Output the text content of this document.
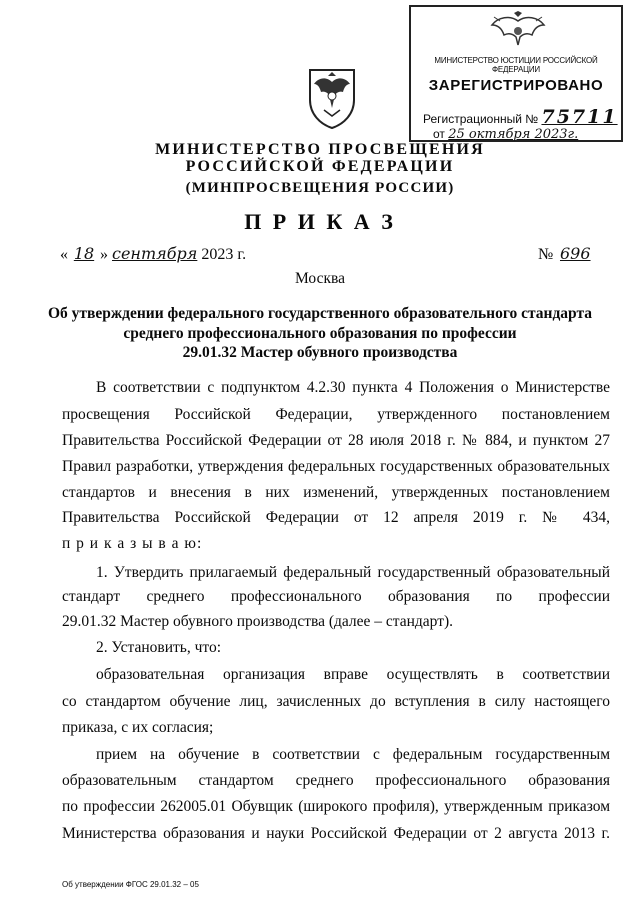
МИНИСТЕРСТВО ЮСТИЦИИ РОССИЙСКОЙ ФЕДЕРАЦИИ
ЗАРЕГИСТРИРОВАНО
Регистрационный № 75711
от 25 октября 2023г.
МИНИСТЕРСТВО ПРОСВЕЩЕНИЯ
РОССИЙСКОЙ ФЕДЕРАЦИИ
(МИНПРОСВЕЩЕНИЯ РОССИИ)
П Р И К А З
« 18 » сентября 2023 г.	№ 696
Москва
Об утверждении федерального государственного образовательного стандарта
среднего профессионального образования по профессии
29.01.32 Мастер обувного производства
В соответствии с подпунктом 4.2.30 пункта 4 Положения о Министерстве
просвещения Российской Федерации, утвержденного постановлением
Правительства Российской Федерации от 28 июля 2018 г. № 884, и пунктом 27
Правил разработки, утверждения федеральных государственных образовательных
стандартов и внесения в них изменений, утвержденных постановлением
Правительства Российской Федерации от 12 апреля 2019 г. № 434,
п р и к а з ы в а ю:
1. Утвердить прилагаемый федеральный государственный образовательный
стандарт среднего профессионального образования по профессии
29.01.32 Мастер обувного производства (далее – стандарт).
2. Установить, что:
образовательная организация вправе осуществлять в соответствии
со стандартом обучение лиц, зачисленных до вступления в силу настоящего
приказа, с их согласия;
прием на обучение в соответствии с федеральным государственным
образовательным стандартом среднего профессионального образования
по профессии 262005.01 Обувщик (широкого профиля), утвержденным приказом
Министерства образования и науки Российской Федерации от 2 августа 2013 г.
Об утверждении ФГОС 29.01.32 – 05
